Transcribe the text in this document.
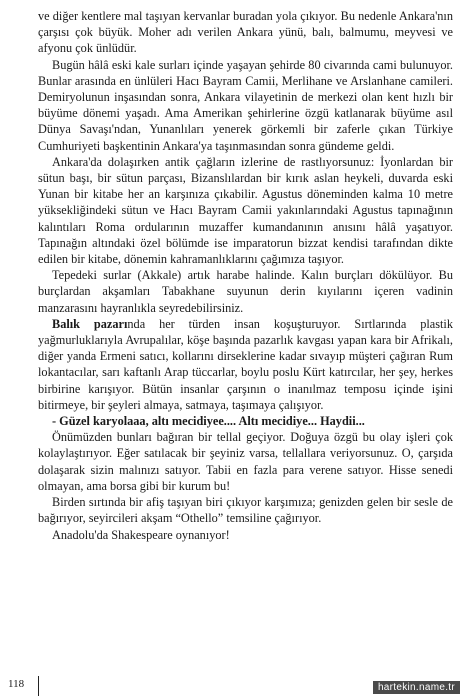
ve diğer kentlere mal taşıyan kervanlar buradan yola çıkıyor. Bu nedenle Ankara'nın çarşısı çok büyük. Moher adı verilen Ankara yünü, balı, balmumu, meyvesi ve afyonu çok ünlüdür.

Bugün hâlâ eski kale surları içinde yaşayan şehirde 80 civarında cami bulunuyor. Bunlar arasında en ünlüleri Hacı Bayram Camii, Merlihane ve Arslanhane camileri. Demiryolunun inşasından sonra, Ankara vilayetinin de merkezi olan kent hızlı bir büyüme dönemi yaşadı. Ama Amerikan şehirlerine özgü katlanarak büyüme asıl Dünya Savaşı'ndan, Yunanlıları yenerek görkemli bir zaferle çıkan Türkiye Cumhuriyeti başkentinin Ankara'ya taşınmasından sonra gündeme geldi.

Ankara'da dolaşırken antik çağların izlerine de rastlıyorsunuz: İyonlardan bir sütun başı, bir sütun parçası, Bizanslılardan bir kırık aslan heykeli, duvarda eski Yunan bir kitabe her an karşınıza çıkabilir. Agustus döneminden kalma 10 metre yüksekliğindeki sütun ve Hacı Bayram Camii yakınlarındaki Agustus tapınağının kalıntıları Roma ordularının muzaffer kumandanının anısını hâlâ yaşatıyor. Tapınağın altındaki özel bölümde ise imparatorun bizzat kendisi tarafından dikte edilen bir kitabe, dönemin kahramanlıklarını çağımıza taşıyor.

Tepedeki surlar (Akkale) artık harabe halinde. Kalın burçları dökülüyor. Bu burçlardan akşamları Tabakhane suyunun derin kıyılarını içeren vadinin manzarasını hayranlıkla seyredebilirsiniz.

Balık pazarında her türden insan koşuşturuyor. Sırtlarında plastik yağmurluklarıyla Avrupalılar, köşe başında pazarlık kavgası yapan kara bir Afrikalı, diğer yanda Ermeni satıcı, kollarını dirseklerine kadar sıvayıp müşteri çağıran Rum lokantacılar, sarı kaftanlı Arap tüccarlar, boylu poslu Kürt katırcılar, her şey, herkes birbirine karışıyor. Bütün insanlar çarşının o inanılmaz temposu içinde işini bitirmeye, bir şeyleri almaya, satmaya, taşımaya çalışıyor.

- Güzel karyolaaa, altı mecidiyee.... Altı mecidiye... Haydii...

Önümüzden bunları bağıran bir tellal geçiyor. Doğuya özgü bu olay işleri çok kolaylaştırıyor. Eğer satılacak bir şeyiniz varsa, tellallara veriyorsunuz. O, çarşıda dolaşarak sizin malınızı satıyor. Tabii en fazla para verene satıyor. Hisse senedi olmayan, ama borsa gibi bir kurum bu!

Birden sırtında bir afiş taşıyan biri çıkıyor karşımıza; genizden gelen bir sesle de bağırıyor, seyircileri akşam “Othello” temsiline çağırıyor.

Anadolu'da Shakespeare oynanıyor!

118	hartekin.name.tr
